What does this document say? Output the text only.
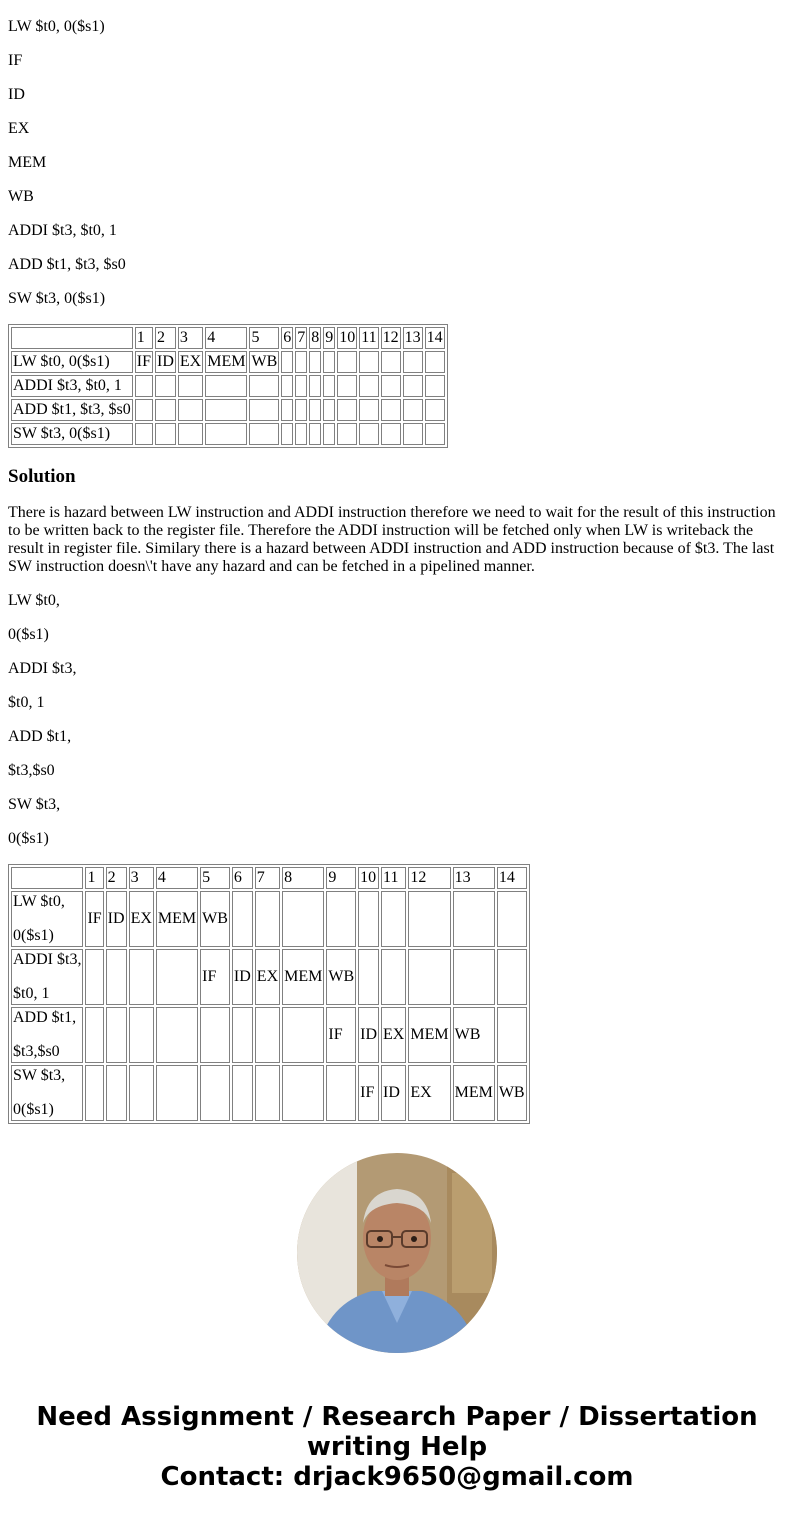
LW $t0, 0($s1)

IF

ID

EX

MEM

WB

ADDI $t3, $t0, 1

ADD $t1, $t3, $s0

SW $t3, 0($s1)

	1	2	3	4	5	6	7	8	9	10	11	12	13	14
LW $t0, 0($s1)	IF	ID	EX	MEM	WB									
ADDI $t3, $t0, 1														
ADD $t1, $t3, $s0														
SW $t3, 0($s1)														
Solution

There is hazard between LW instruction and ADDI instruction therefore we need to wait for the result of this instruction to be written back to the register file. Therefore the ADDI instruction will be fetched only when LW is writeback the result in register file. Similary there is a hazard between ADDI instruction and ADD instruction because of $t3. The last SW instruction doesn\'t have any hazard and can be fetched in a pipelined manner.

LW $t0,

0($s1)

ADDI $t3,

$t0, 1

ADD $t1,

$t3,$s0

SW $t3,

0($s1)

	1	2	3	4	5	6	7	8	9	10	11	12	13	14

LW $t0,
0($s1)	IF	ID	EX	MEM	WB									

ADDI $t3,
$t0, 1					IF	ID	EX	MEM	WB					

ADD $t1,
$t3,$s0									IF	ID	EX	MEM	WB	

SW $t3,
0($s1)										IF	ID	EX	MEM	WB
Need Assignment / Research Paper / Dissertation
writing Help
Contact: drjack9650@gmail.com
